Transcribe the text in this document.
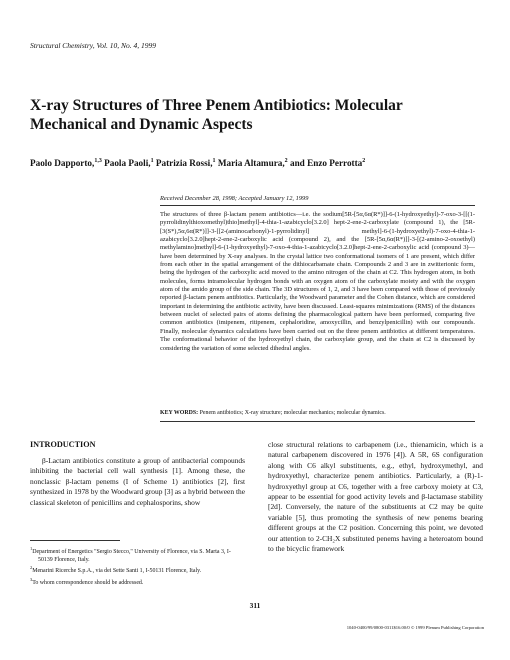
Structural Chemistry, Vol. 10, No. 4, 1999
X-ray Structures of Three Penem Antibiotics: Molecular
Mechanical and Dynamic Aspects
Paolo Dapporto,$^{1,3}$ Paola Paoli,$^1$ Patrizia Rossi,$^1$ Maria Altamura,$^2$ and Enzo Perrotta$^2$
Received December 28, 1998; Accepted January 12, 1999
The structures of three β-lactam penem antibiotics—i.e. the sodium[5R-[5α,6α(R*)]]-6-(1-hydroxyethyl)-7-oxo-3-[[(1-pyrrolidinylthioxomethyl)thio]methyl]-4-thia-1-azabicyclo[3.2.0] hept-2-ene-2-carboxylate (compound 1), the [5R-[3(S*),5α,6α(R*)]]-3-[[2-(aminocarbonyl)-1-pyrrolidinyl] methyl]-6-(1-hydroxyethyl)-7-oxo-4-thia-1-azabicyclo[3.2.0]hept-2-ene-2-carboxylic acid (compound 2), and the [5R-[5α,6α(R*)]]-3-[(2-amino-2-oxoethyl) methylamino]methyl]-6-(1-hydroxyethyl)-7-oxo-4-thia-1-azabicyclo[3.2.0]hept-2-ene-2-carboxylic acid (compound 3)—have been determined by X-ray analyses. In the crystal lattice two conformational isomers of 1 are present, which differ from each other in the spatial arrangement of the dithiocarbamate chain. Compounds 2 and 3 are in zwitterionic form, being the hydrogen of the carboxylic acid moved to the amino nitrogen of the chain at C2. This hydrogen atom, in both molecules, forms intramolecular hydrogen bonds with an oxygen atom of the carboxylate moiety and with the oxygen atom of the amido group of the side chain. The 3D structures of 1, 2, and 3 have been compared with those of previously reported β-lactam penem antibiotics. Particularly, the Woodward parameter and the Cohen distance, which are considered important in determining the antibiotic activity, have been discussed. Least-squares minimizations (RMS) of the distances between nuclei of selected pairs of atoms defining the pharmacological pattern have been performed, comparing five common antibiotics (imipenem, ritipenem, cephaloridine, amoxycillin, and benzylpenicillin) with our compounds. Finally, molecular dynamics calculations have been carried out on the three penem antibiotics at different temperatures. The conformational behavior of the hydroxyethyl chain, the carboxylate group, and the chain at C2 is discussed by considering the variation of some selected dihedral angles.
KEY WORDS: Penem antibiotics; X-ray structure; molecular mechanics; molecular dynamics.
INTRODUCTION
β-Lactam antibiotics constitute a group of antibacterial compounds inhibiting the bacterial cell wall synthesis [1]. Among these, the nonclassic β-lactam penems (I of Scheme 1) antibiotics [2], first synthesized in 1978 by the Woodward group [3] as a hybrid between the classical skeleton of penicillins and cephalosporins, show
close structural relations to carbapenem (i.e., thienamicin, which is a natural carbapenem discovered in 1976 [4]). A 5R, 6S configuration along with C6 alkyl substituents, e.g., ethyl, hydroxymethyl, and hydroxyethyl, characterize penem antibiotics. Particularly, a (R)-1-hydroxyethyl group at C6, together with a free carboxy moiety at C3, appear to be essential for good activity levels and β-lactamase stability [2d]. Conversely, the nature of the substituents at C2 may be quite variable [5], thus promoting the synthesis of new penems bearing different groups at the C2 position. Concerning this point, we devoted our attention to 2-CH₂X substituted penems having a heteroatom bound to the bicyclic framework
$^1$Department of Energetics "Sergio Stecco," University of Florence, via S. Marta 3, I-50139 Florence, Italy.
$^2$Menarini Ricerche S.p.A., via dei Sette Santi 1, I-50131 Florence, Italy.
$^3$To whom correspondence should be addressed.
311
1040-0400/99/0800-0311$16.00/0 © 1999 Plenum Publishing Corporation
